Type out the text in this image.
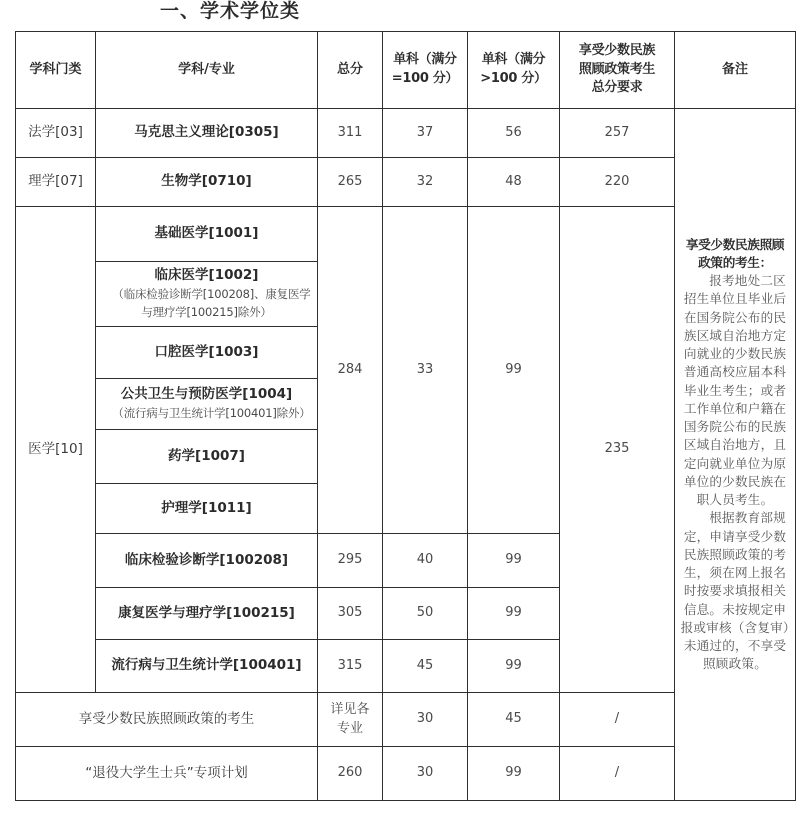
一、学术学位类
学科门类	学科/专业	总分	单科（满分
=100 分）	单科（满分
>100 分）	享受少数民族
照顾政策考生
总分要求	备注
法学[03]	马克思主义理论[0305]	311	37	56	257	享受少数民族照顾政策的考生：
报考地处二区招生单位且毕业后在国务院公布的民族区域自治地方定向就业的少数民族普通高校应届本科毕业生考生；或者工作单位和户籍在国务院公布的民族区域自治地方，且定向就业单位为原单位的少数民族在职人员考生。
根据教育部规定，申请享受少数民族照顾政策的考生，须在网上报名时按要求填报相关信息。未按规定申报或审核（含复审）未通过的，不享受照顾政策。

理学[07]	生物学[0710]	265	32	48	220	
医学[10]	基础医学[1001]	284	33	99	235	

	临床医学[1002]
（临床检验诊断学[100208]、康复医学与理疗学[100215]除外）					

	口腔医学[1003]					

	公共卫生与预防医学[1004]
（流行病与卫生统计学[100401]除外）					

	药学[1007]					

	护理学[1011]					

	临床检验诊断学[100208]	295	40	99		

	康复医学与理疗学[100215]	305	50	99		

	流行病与卫生统计学[100401]	315	45	99		
享受少数民族照顾政策的考生		详见各
专业	30	45	/	
“退役大学生士兵”专项计划		260	30	99	/	
